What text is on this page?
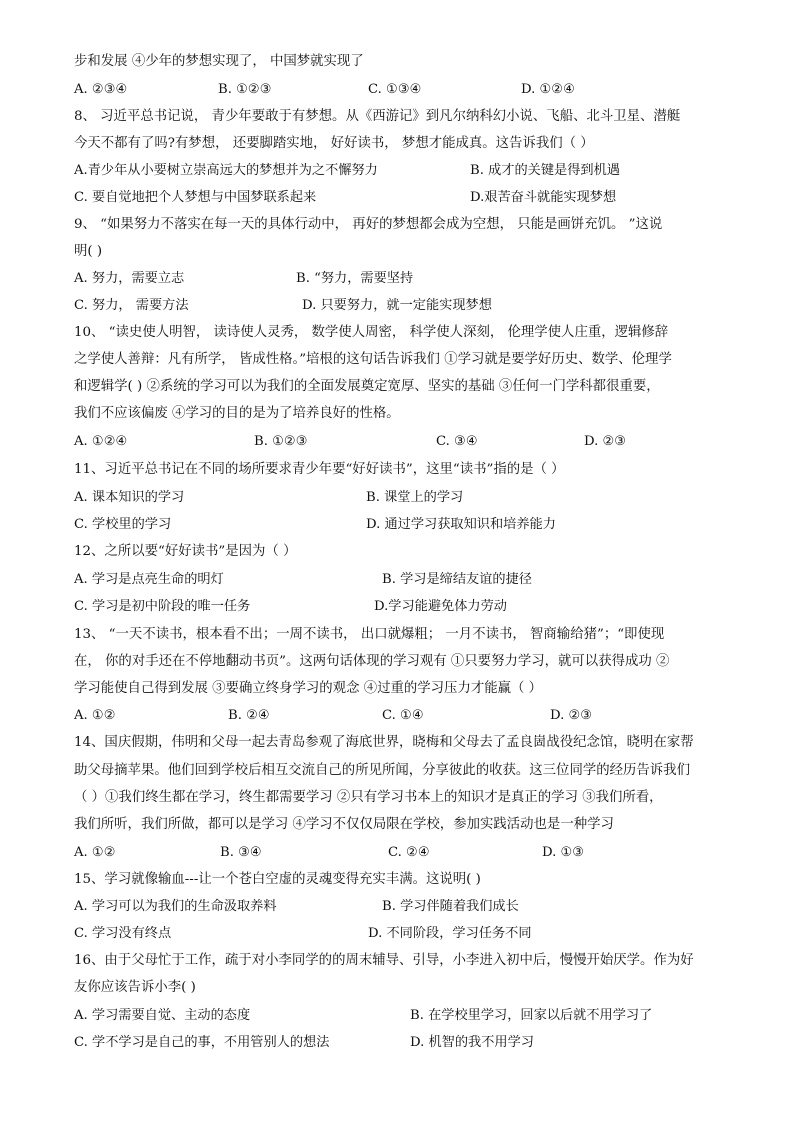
步和发展 ④少年的梦想实现了， 中国梦就实现了
A. ②③④	B. ①②③	C. ①③④	D. ①②④
8、 习近平总书记说， 青少年要敢于有梦想。从《西游记》到凡尔纳科幻小说、飞船、北斗卫星、潜艇
今天不都有了吗?有梦想， 还要脚踏实地， 好好读书， 梦想才能成真。这告诉我们（ ）
A.青少年从小要树立崇高远大的梦想并为之不懈努力	B. 成才的关键是得到机遇
C. 要自觉地把个人梦想与中国梦联系起来	D.艰苦奋斗就能实现梦想
9、 “如果努力不落实在每一天的具体行动中， 再好的梦想都会成为空想， 只能是画饼充饥。 ”这说
明( )
A. 努力，需要立志	B. “努力，需要坚持
C. 努力， 需要方法	D. 只要努力，就一定能实现梦想
10、 “读史使人明智， 读诗使人灵秀， 数学使人周密， 科学使人深刻， 伦理学使人庄重，逻辑修辞
之学使人善辩：凡有所学， 皆成性格。”培根的这句话告诉我们 ①学习就是要学好历史、数学、伦理学
和逻辑学( ) ②系统的学习可以为我们的全面发展奠定宽厚、坚实的基础 ③任何一门学科都很重要，
我们不应该偏废 ④学习的目的是为了培养良好的性格。
A. ①②④	B. ①②③	C. ③④	D. ②③
11、习近平总书记在不同的场所要求青少年要“好好读书”，这里“读书”指的是（ ）
A. 课本知识的学习	B. 课堂上的学习
C. 学校里的学习	D. 通过学习获取知识和培养能力
12、之所以要“好好读书”是因为（ ）
A. 学习是点亮生命的明灯	B. 学习是缔结友谊的捷径
C. 学习是初中阶段的唯一任务	D.学习能避免体力劳动
13、 “一天不读书，根本看不出；一周不读书， 出口就爆粗； 一月不读书， 智商输给猪”；“即使现
在， 你的对手还在不停地翻动书页”。这两句话体现的学习观有 ①只要努力学习，就可以获得成功 ②
学习能使自己得到发展 ③要确立终身学习的观念 ④过重的学习压力才能赢（ ）
A. ①②	B. ②④	C. ①④	D. ②③
14、国庆假期，伟明和父母一起去青岛参观了海底世界，晓梅和父母去了孟良崮战役纪念馆，晓明在家帮
助父母摘苹果。他们回到学校后相互交流自己的所见所闻，分享彼此的收获。这三位同学的经历告诉我们
（ ）①我们终生都在学习，终生都需要学习 ②只有学习书本上的知识才是真正的学习 ③我们所看，
我们所听，我们所做，都可以是学习 ④学习不仅仅局限在学校，参加实践活动也是一种学习
A. ①②	B. ③④	C. ②④	D. ①③
15、学习就像输血---让一个苍白空虚的灵魂变得充实丰满。这说明( )
A. 学习可以为我们的生命汲取养料	B. 学习伴随着我们成长
C. 学习没有终点	D. 不同阶段，学习任务不同
16、由于父母忙于工作，疏于对小李同学的的周末辅导、引导，小李进入初中后，慢慢开始厌学。作为好
友你应该告诉小李( )
A. 学习需要自觉、主动的态度	B. 在学校里学习，回家以后就不用学习了
C. 学不学习是自己的事，不用管别人的想法	D. 机智的我不用学习
